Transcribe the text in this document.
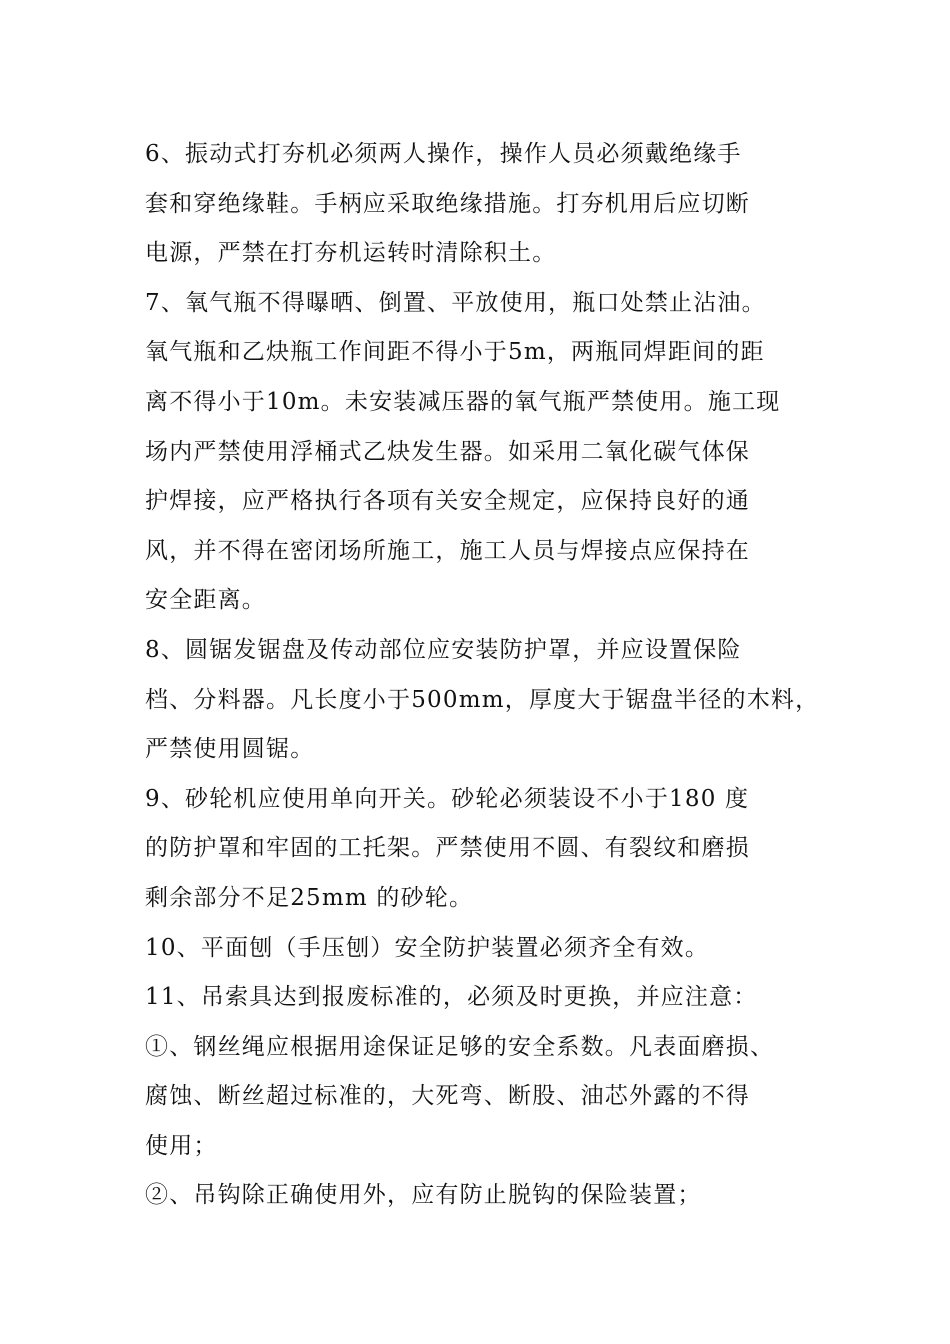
6、振动式打夯机必须两人操作，操作人员必须戴绝缘手
套和穿绝缘鞋。手柄应采取绝缘措施。打夯机用后应切断
电源，严禁在打夯机运转时清除积土。
7、氧气瓶不得曝晒、倒置、平放使用，瓶口处禁止沾油。
氧气瓶和乙炔瓶工作间距不得小于5m，两瓶同焊距间的距
离不得小于10m。未安装减压器的氧气瓶严禁使用。施工现
场内严禁使用浮桶式乙炔发生器。如采用二氧化碳气体保
护焊接，应严格执行各项有关安全规定，应保持良好的通
风，并不得在密闭场所施工，施工人员与焊接点应保持在
安全距离。
8、圆锯发锯盘及传动部位应安装防护罩，并应设置保险
档、分料器。凡长度小于500mm，厚度大于锯盘半径的木料，
严禁使用圆锯。
9、砂轮机应使用单向开关。砂轮必须装设不小于180 度
的防护罩和牢固的工托架。严禁使用不圆、有裂纹和磨损
剩余部分不足25mm 的砂轮。
10、平面刨（手压刨）安全防护装置必须齐全有效。
11、吊索具达到报废标准的，必须及时更换，并应注意：
①、钢丝绳应根据用途保证足够的安全系数。凡表面磨损、
腐蚀、断丝超过标准的，大死弯、断股、油芯外露的不得
使用；
②、吊钩除正确使用外，应有防止脱钩的保险装置；
